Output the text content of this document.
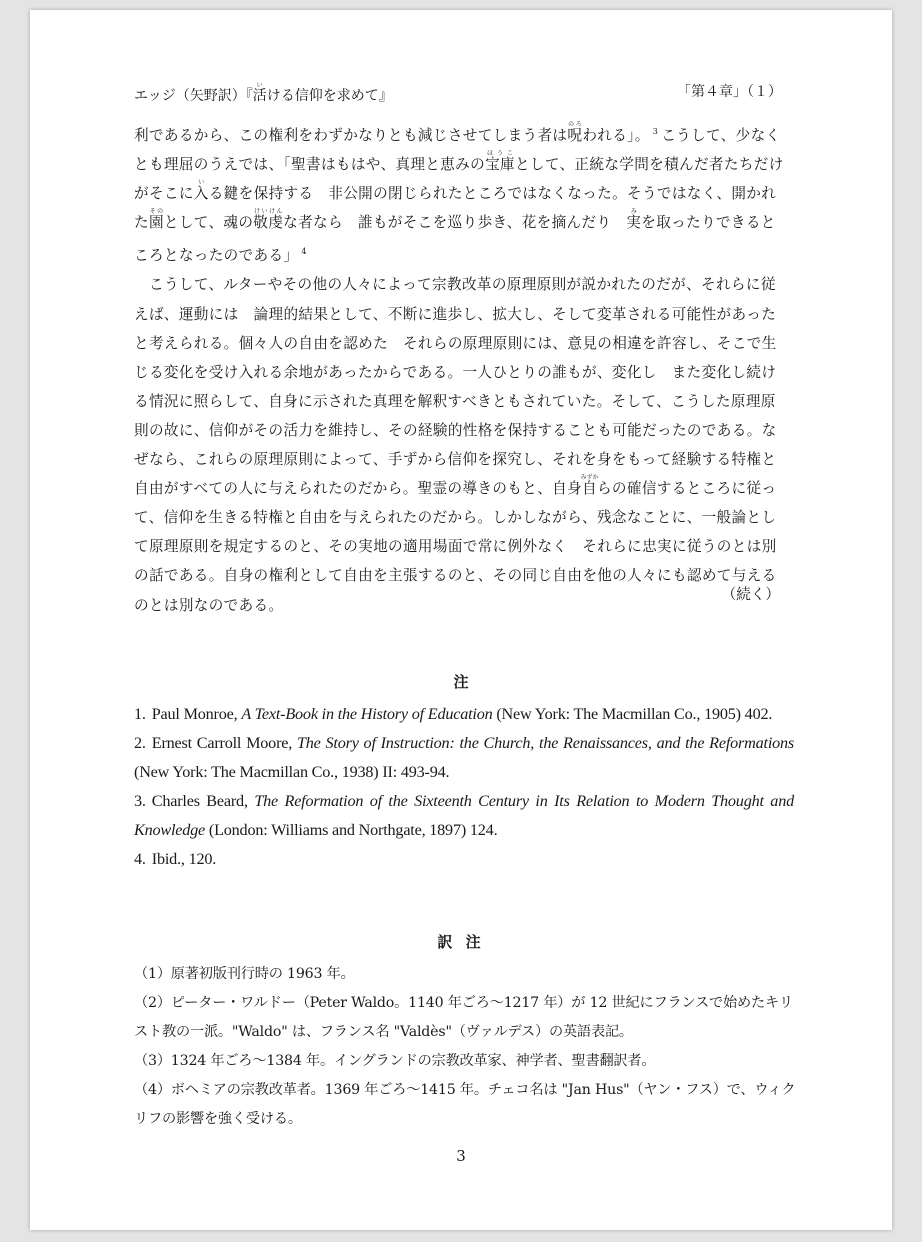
エッジ（矢野訳）『活いける信仰を求めて』	「第４章」（１）

利であるから、この権利をわずかなりとも減じさせてしまう者は呪のろわれる」。 $^3$ こうして、少なくとも理屈のうえでは、「聖書はもはや、真理と恵みの宝庫ほうことして、正統な学問を積んだ者たちだけがそこに入いる鍵を保持する　非公開の閉じられたところではなくなった。そうではなく、開かれた園そのとして、魂の敬虔けいけんな者なら　誰もがそこを巡り歩き、花を摘んだり　実みを取ったりできるところとなったのである」 $^4$

こうして、ルターやその他の人々によって宗教改革の原理原則が説かれたのだが、それらに従えば、運動には　論理的結果として、不断に進歩し、拡大し、そして変革される可能性があったと考えられる。個々人の自由を認めた　それらの原理原則には、意見の相違を許容し、そこで生じる変化を受け入れる余地があったからである。一人ひとりの誰もが、変化し　また変化し続ける情況に照らして、自身に示された真理を解釈すべきともされていた。そして、こうした原理原則の故に、信仰がその活力を維持し、その経験的性格を保持することも可能だったのである。なぜなら、これらの原理原則によって、手ずから信仰を探究し、それを身をもって経験する特権と自由がすべての人に与えられたのだから。聖霊の導きのもと、自身自みずからの確信するところに従って、信仰を生きる特権と自由を与えられたのだから。しかしながら、残念なことに、一般論として原理原則を規定するのと、その実地の適用場面で常に例外なく　それらに忠実に従うのとは別の話である。自身の権利として自由を主張するのと、その同じ自由を他の人々にも認めて与えるのとは別なのである。

（続く）
注

1. Paul Monroe, A Text-Book in the History of Education (New York: The Macmillan Co., 1905) 402.

2. Ernest Carroll Moore, The Story of Instruction: the Church, the Renaissances, and the Reformations (New York: The Macmillan Co., 1938) II: 493-94.

3. Charles Beard, The Reformation of the Sixteenth Century in Its Relation to Modern Thought and Knowledge (London: Williams and Northgate, 1897) 124.

4. Ibid., 120.

訳 注

（1）原著初版刊行時の 1963 年。

（2）ピーター・ワルドー（Peter Waldo。1140 年ごろ～1217 年）が 12 世紀にフランスで始めたキリスト教の一派。"Waldo" は、フランス名 "Valdès"（ヴァルデス）の英語表記。

（3）1324 年ごろ～1384 年。イングランドの宗教改革家、神学者、聖書翻訳者。

（4）ボヘミアの宗教改革者。1369 年ごろ～1415 年。チェコ名は "Jan Hus"（ヤン・フス）で、ウィクリフの影響を強く受ける。

3
